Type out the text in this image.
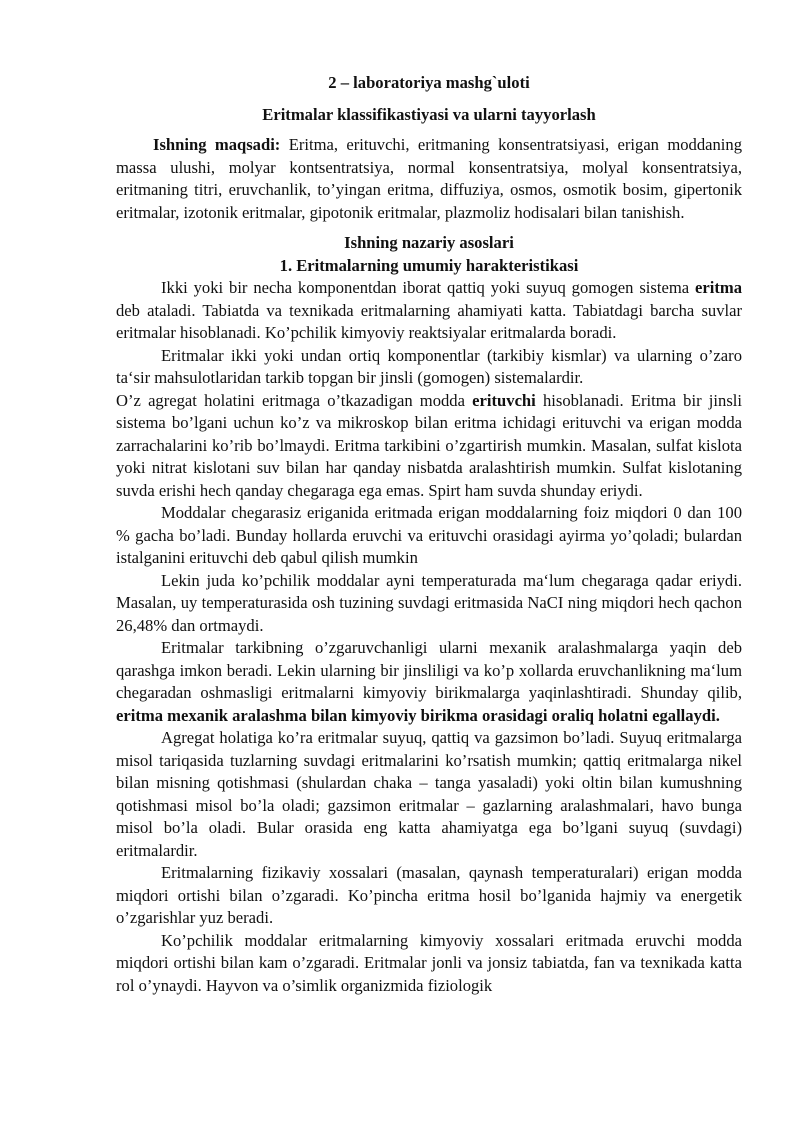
2 – laboratoriya mashg`uloti
Eritmalar klassifikastiyasi va ularni tayyorlash

Ishning maqsadi: Eritma, erituvchi, eritmaning konsentratsiyasi, erigan moddaning massa ulushi, molyar kontsentratsiya, normal konsentratsiya, molyal konsentratsiya, eritmaning titri, eruvchanlik, to’yingan eritma, diffuziya, osmos, osmotik bosim, gipertonik eritmalar, izotonik eritmalar, gipotonik eritmalar, plazmoliz hodisalari bilan tanishish.

Ishning nazariy asoslari
1. Eritmalarning umumiy harakteristikasi

Ikki yoki bir necha komponentdan iborat qattiq yoki suyuq gomogen sistema eritma deb ataladi. Tabiatda va texnikada eritmalarning ahamiyati katta. Tabiatdagi barcha suvlar eritmalar hisoblanadi. Ko’pchilik kimyoviy reaktsiyalar eritmalarda boradi.

Eritmalar ikki yoki undan ortiq komponentlar (tarkibiy kismlar) va ularning o’zaro ta‘sir mahsulotlaridan tarkib topgan bir jinsli (gomogen) sistemalardir.

O’z agregat holatini eritmaga o’tkazadigan modda erituvchi hisoblanadi. Eritma bir jinsli sistema bo’lgani uchun ko’z va mikroskop bilan eritma ichidagi erituvchi va erigan modda zarrachalarini ko’rib bo’lmaydi. Eritma tarkibini o’zgartirish mumkin. Masalan, sulfat kislota yoki nitrat kislotani suv bilan har qanday nisbatda aralashtirish mumkin. Sulfat kislotaning suvda erishi hech qanday chegaraga ega emas. Spirt ham suvda shunday eriydi.

Moddalar chegarasiz eriganida eritmada erigan moddalarning foiz miqdori 0 dan 100 % gacha bo’ladi. Bunday hollarda eruvchi va erituvchi orasidagi ayirma yo’qoladi; bulardan istalganini erituvchi deb qabul qilish mumkin

Lekin juda ko’pchilik moddalar ayni temperaturada ma‘lum chegaraga qadar eriydi. Masalan, uy temperaturasida osh tuzining suvdagi eritmasida NaCI ning miqdori hech qachon 26,48% dan ortmaydi.

Eritmalar tarkibning o’zgaruvchanligi ularni mexanik aralashmalarga yaqin deb qarashga imkon beradi. Lekin ularning bir jinsliligi va ko’p xollarda eruvchanlikning ma‘lum chegaradan oshmasligi eritmalarni kimyoviy birikmalarga yaqinlashtiradi. Shunday qilib, eritma mexanik aralashma bilan kimyoviy birikma orasidagi oraliq holatni egallaydi.

Agregat holatiga ko’ra eritmalar suyuq, qattiq va gazsimon bo’ladi. Suyuq eritmalarga misol tariqasida tuzlarning suvdagi eritmalarini ko’rsatish mumkin; qattiq eritmalarga nikel bilan misning qotishmasi (shulardan chaka – tanga yasaladi) yoki oltin bilan kumushning qotishmasi misol bo’la oladi; gazsimon eritmalar – gazlarning aralashmalari, havo bunga misol bo’la oladi. Bular orasida eng katta ahamiyatga ega bo’lgani suyuq (suvdagi) eritmalardir.

Eritmalarning fizikaviy xossalari (masalan, qaynash temperaturalari) erigan modda miqdori ortishi bilan o’zgaradi. Ko’pincha eritma hosil bo’lganida hajmiy va energetik o’zgarishlar yuz beradi.

Ko’pchilik moddalar eritmalarning kimyoviy xossalari eritmada eruvchi modda miqdori ortishi bilan kam o’zgaradi. Eritmalar jonli va jonsiz tabiatda, fan va texnikada katta rol o’ynaydi. Hayvon va o’simlik organizmida fiziologik
